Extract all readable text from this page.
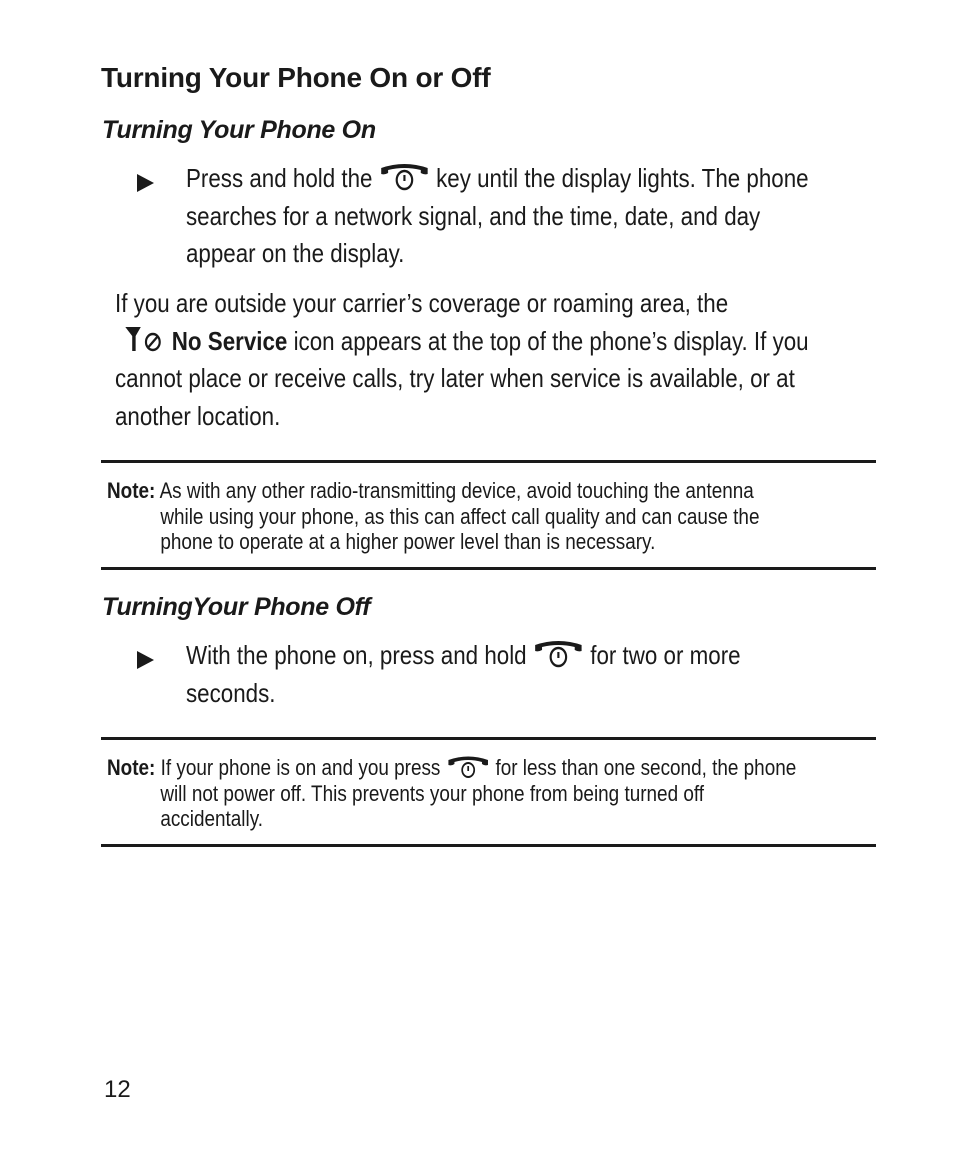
Turning Your Phone On or Off
Turning Your Phone On
Press and hold the key until the display lights. The phone
searches for a network signal, and the time, date, and day
appear on the display.
If you are outside your carrier’s coverage or roaming area, the
No Service icon appears at the top of the phone’s display. If you
cannot place or receive calls, try later when service is available, or at
another location.
Note: As with any other radio-transmitting device, avoid touching the antenna
while using your phone, as this can affect call quality and can cause the
phone to operate at a higher power level than is necessary.
TurningYour Phone Off
With the phone on, press and hold for two or more
seconds.
Note: If your phone is on and you press	for less than one second, the phone
will not power off. This prevents your phone from being turned off
accidentally.
12
